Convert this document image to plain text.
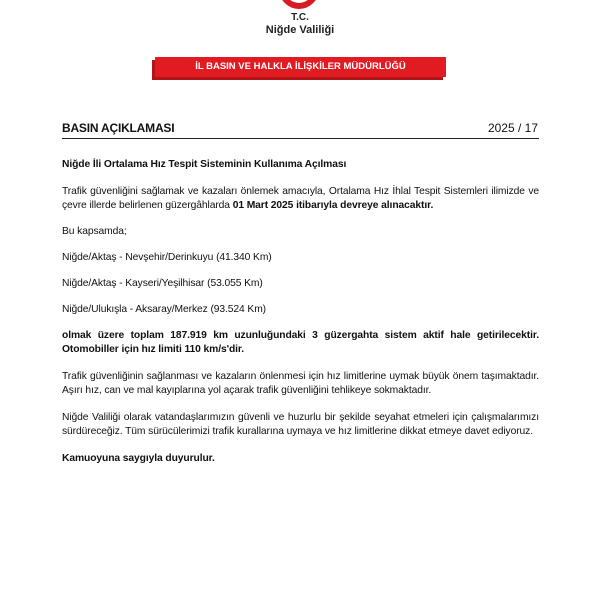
T.C.
Niğde Valiliği
İL BASIN VE HALKLA İLİŞKİLER MÜDÜRLÜĞÜ
BASIN AÇIKLAMASI	2025 / 17

Niğde İli Ortalama Hız Tespit Sisteminin Kullanıma Açılması

Trafik güvenliğini sağlamak ve kazaları önlemek amacıyla, Ortalama Hız İhlal Tespit Sistemleri ilimizde ve çevre illerde belirlenen güzergâhlarda 01 Mart 2025 itibarıyla devreye alınacaktır.

Bu kapsamda;

Niğde/Aktaş - Nevşehir/Derinkuyu (41.340 Km)

Niğde/Aktaş - Kayseri/Yeşilhisar (53.055 Km)

Niğde/Ulukışla - Aksaray/Merkez (93.524 Km)

olmak üzere toplam 187.919 km uzunluğundaki 3 güzergahta sistem aktif hale getirilecektir. Otomobiller için hız limiti 110 km/s'dir.

Trafik güvenliğinin sağlanması ve kazaların önlenmesi için hız limitlerine uymak büyük önem taşımaktadır. Aşırı hız, can ve mal kayıplarına yol açarak trafik güvenliğini tehlikeye sokmaktadır.

Niğde Valiliği olarak vatandaşlarımızın güvenli ve huzurlu bir şekilde seyahat etmeleri için çalışmalarımızı sürdüreceğiz. Tüm sürücülerimizi trafik kurallarına uymaya ve hız limitlerine dikkat etmeye davet ediyoruz.

Kamuoyuna saygıyla duyurulur.
